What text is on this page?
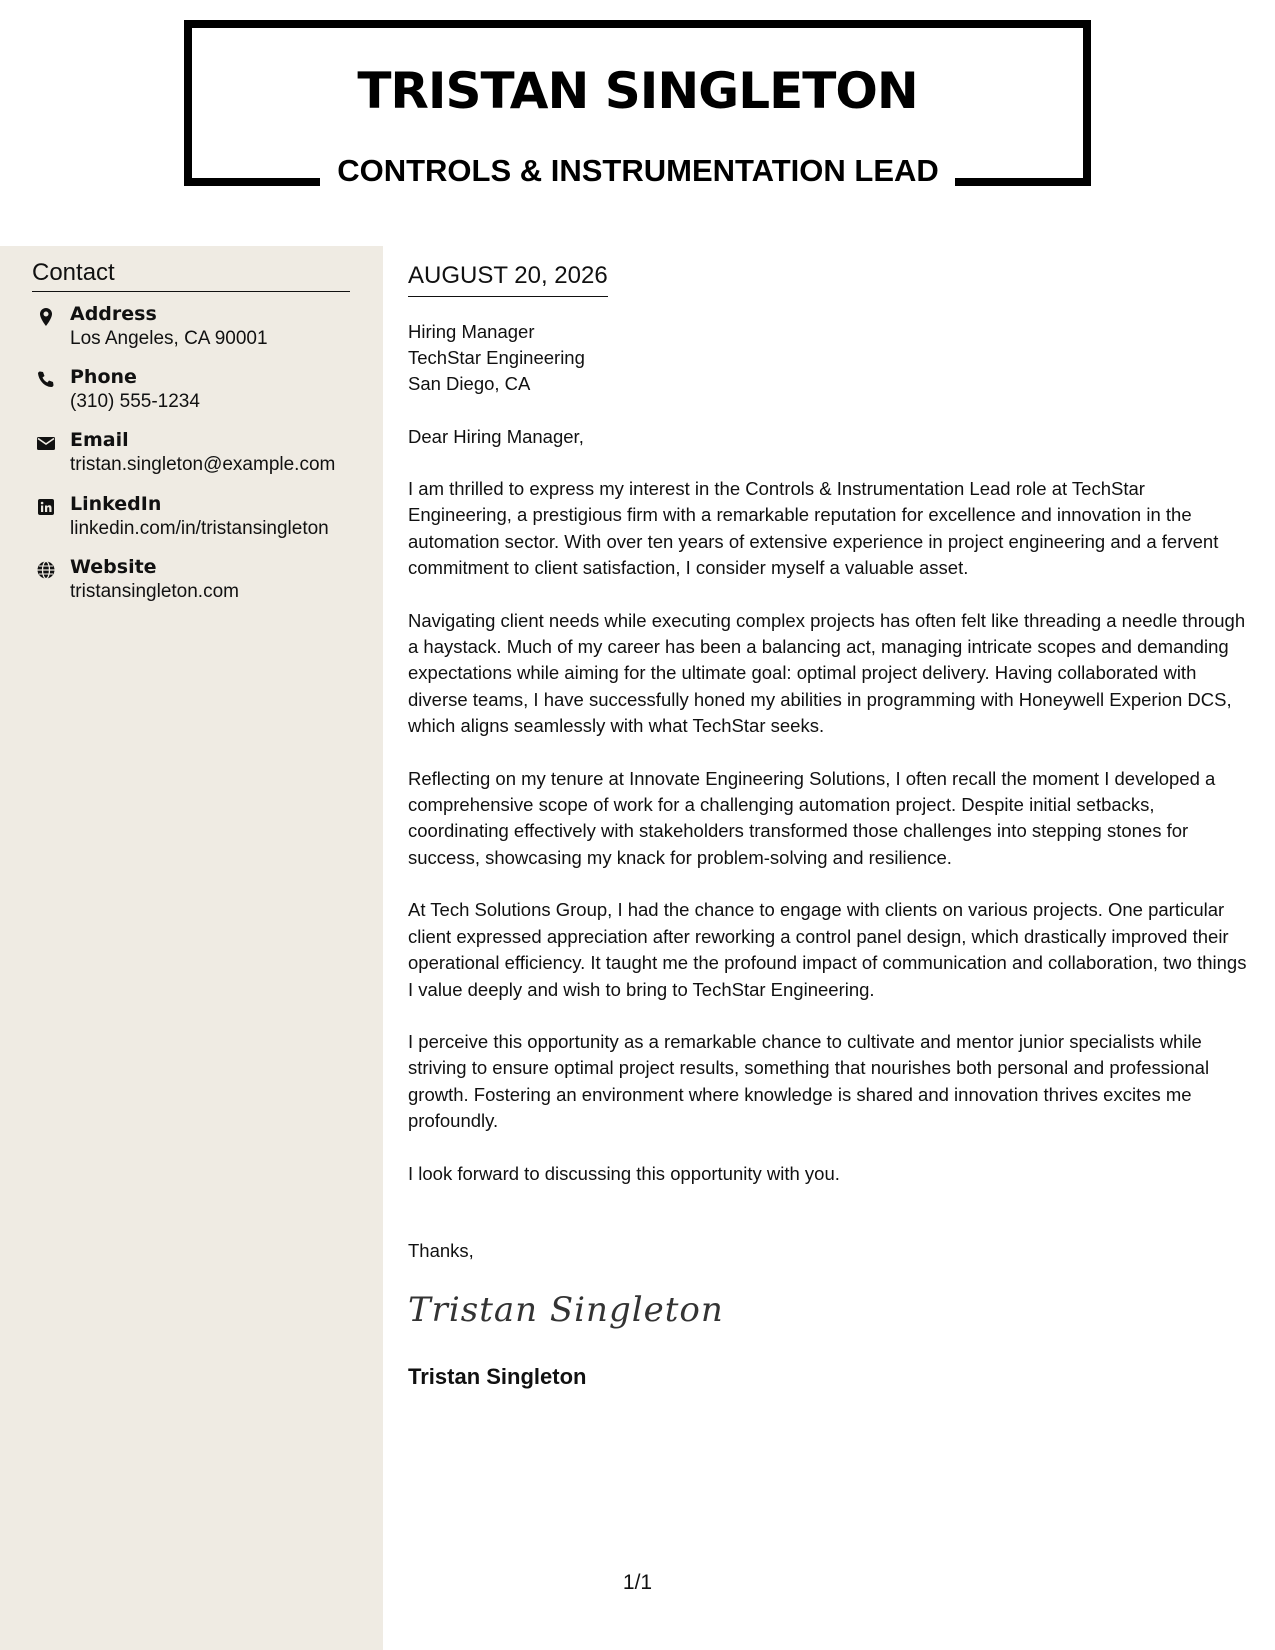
TRISTAN SINGLETON
CONTROLS & INSTRUMENTATION LEAD
Contact
Address
Los Angeles, CA 90001
Phone
(310) 555-1234
Email
tristan.singleton@example.com
LinkedIn
linkedin.com/in/tristansingleton
Website
tristansingleton.com
AUGUST 20, 2026
Hiring Manager
TechStar Engineering
San Diego, CA
Dear Hiring Manager,

I am thrilled to express my interest in the Controls & Instrumentation Lead role at TechStar Engineering, a prestigious firm with a remarkable reputation for excellence and innovation in the automation sector. With over ten years of extensive experience in project engineering and a fervent commitment to client satisfaction, I consider myself a valuable asset.

Navigating client needs while executing complex projects has often felt like threading a needle through a haystack. Much of my career has been a balancing act, managing intricate scopes and demanding expectations while aiming for the ultimate goal: optimal project delivery. Having collaborated with diverse teams, I have successfully honed my abilities in programming with Honeywell Experion DCS, which aligns seamlessly with what TechStar seeks.

Reflecting on my tenure at Innovate Engineering Solutions, I often recall the moment I developed a comprehensive scope of work for a challenging automation project. Despite initial setbacks, coordinating effectively with stakeholders transformed those challenges into stepping stones for success, showcasing my knack for problem-solving and resilience.

At Tech Solutions Group, I had the chance to engage with clients on various projects. One particular client expressed appreciation after reworking a control panel design, which drastically improved their operational efficiency. It taught me the profound impact of communication and collaboration, two things I value deeply and wish to bring to TechStar Engineering.

I perceive this opportunity as a remarkable chance to cultivate and mentor junior specialists while striving to ensure optimal project results, something that nourishes both personal and professional growth. Fostering an environment where knowledge is shared and innovation thrives excites me profoundly.

I look forward to discussing this opportunity with you.

Thanks,
Tristan Singleton
Tristan Singleton
1/1
